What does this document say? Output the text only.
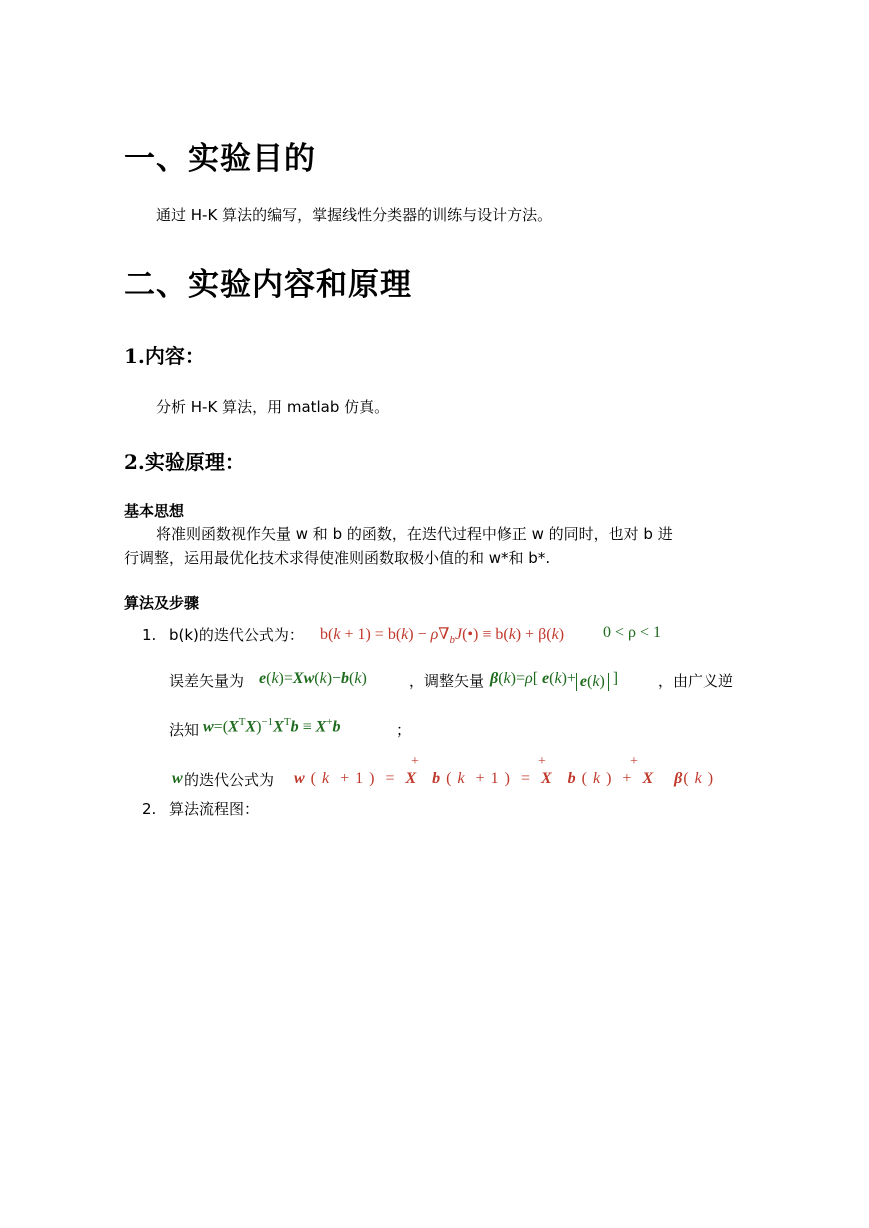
一、实验目的
通过 H-K 算法的编写，掌握线性分类器的训练与设计方法。
二、实验内容和原理
1.内容：
分析 H-K 算法，用 matlab 仿真。
2.实验原理：
基本思想
将准则函数视作矢量 w 和 b 的函数，在迭代过程中修正 w 的同时，也对 b 进
行调整，运用最优化技术求得使准则函数取极小值的和 w*和 b*.
算法及步骤
1. b(k)的迭代公式为： $b(k + 1) = b(k) - \rho\nabla_bJ(•) \equiv b(k) + \beta(k) 0 < \rho < 1$
误差矢量为 e(k)=Xw(k)−b(k)	，调整矢量 β(k)=ρ[ e(k)+ e(k) ]	，由广义逆
法知 $w=(X^TX)^{-1}X^Tb \equiv X^+b$	；
w 的迭代公式为 w ( k  + 1 )  =  X b ( k  + 1 )  =  X b ( k )  +  X β( k )
+	+	+
2. 算法流程图：
